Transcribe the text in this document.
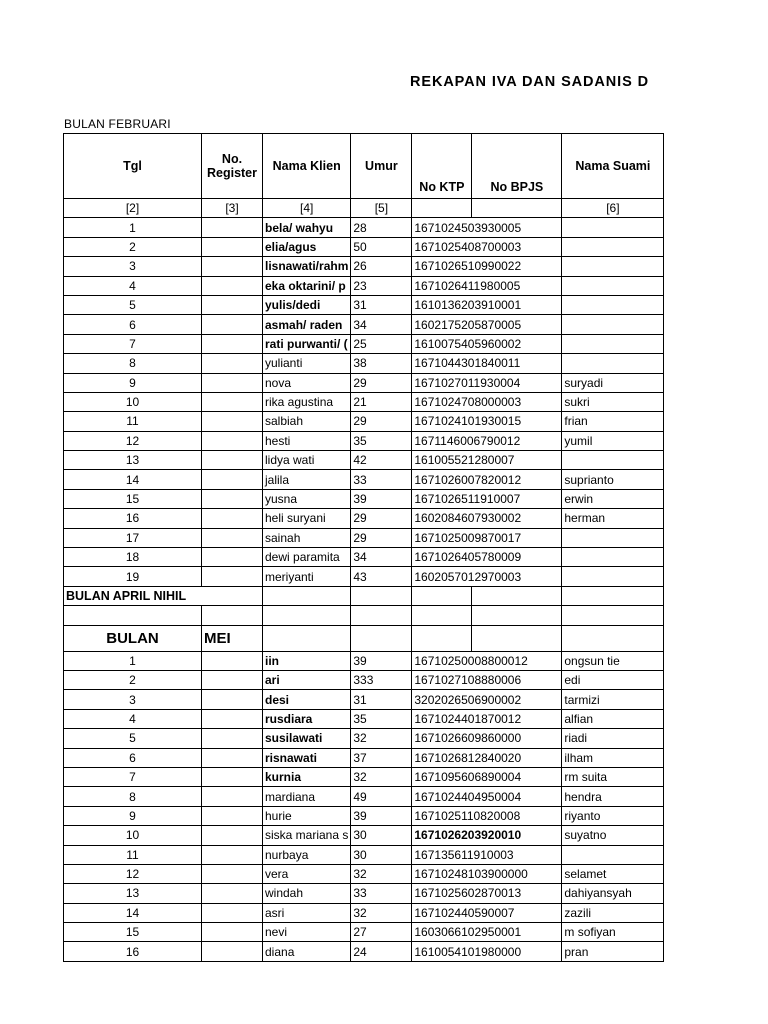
REKAPAN IVA DAN SADANIS D
BULAN FEBRUARI
Tgl	No. Register	Nama Klien	Umur	No KTP	No BPJS	Nama Suami
[2]	[3]	[4]	[5]			[6]
1		bela/ wahyu	28	1671024503930005		
2		elia/agus	50	1671025408700003		
3		lisnawati/rahm	26	1671026510990022		
4		eka oktarini/ p	23	1671026411980005		
5		yulis/dedi	31	1610136203910001		
6		asmah/ raden	34	1602175205870005		
7		rati purwanti/ (	25	1610075405960002		
8		yulianti	38	1671044301840011		
9		nova	29	1671027011930004		suryadi
10		rika agustina	21	1671024708000003		sukri
11		salbiah	29	1671024101930015		frian
12		hesti	35	1671146006790012		yumil
13		lidya wati	42	161005521280007		
14		jalila	33	1671026007820012		suprianto
15		yusna	39	1671026511910007		erwin
16		heli suryani	29	1602084607930002		herman
17		sainah	29	1671025009870017		
18		dewi paramita	34	1671026405780009		
19		meriyanti	43	1602057012970003		
BULAN APRIL NIHIL						

BULAN	MEI					
1		iin	39	16710250008800012		ongsun tie
2		ari	333	1671027108880006		edi
3		desi	31	3202026506900002		tarmizi
4		rusdiara	35	1671024401870012		alfian
5		susilawati	32	1671026609860000		riadi
6		risnawati	37	1671026812840020		ilham
7		kurnia	32	1671095606890004		rm suita
8		mardiana	49	1671024404950004		hendra
9		hurie	39	1671025110820008		riyanto
10		siska mariana s	30	1671026203920010		suyatno
11		nurbaya	30	167135611910003		
12		vera	32	16710248103900000		selamet
13		windah	33	1671025602870013		dahiyansyah
14		asri	32	167102440590007		zazili
15		nevi	27	1603066102950001		m sofiyan
16		diana	24	1610054101980000		pran
